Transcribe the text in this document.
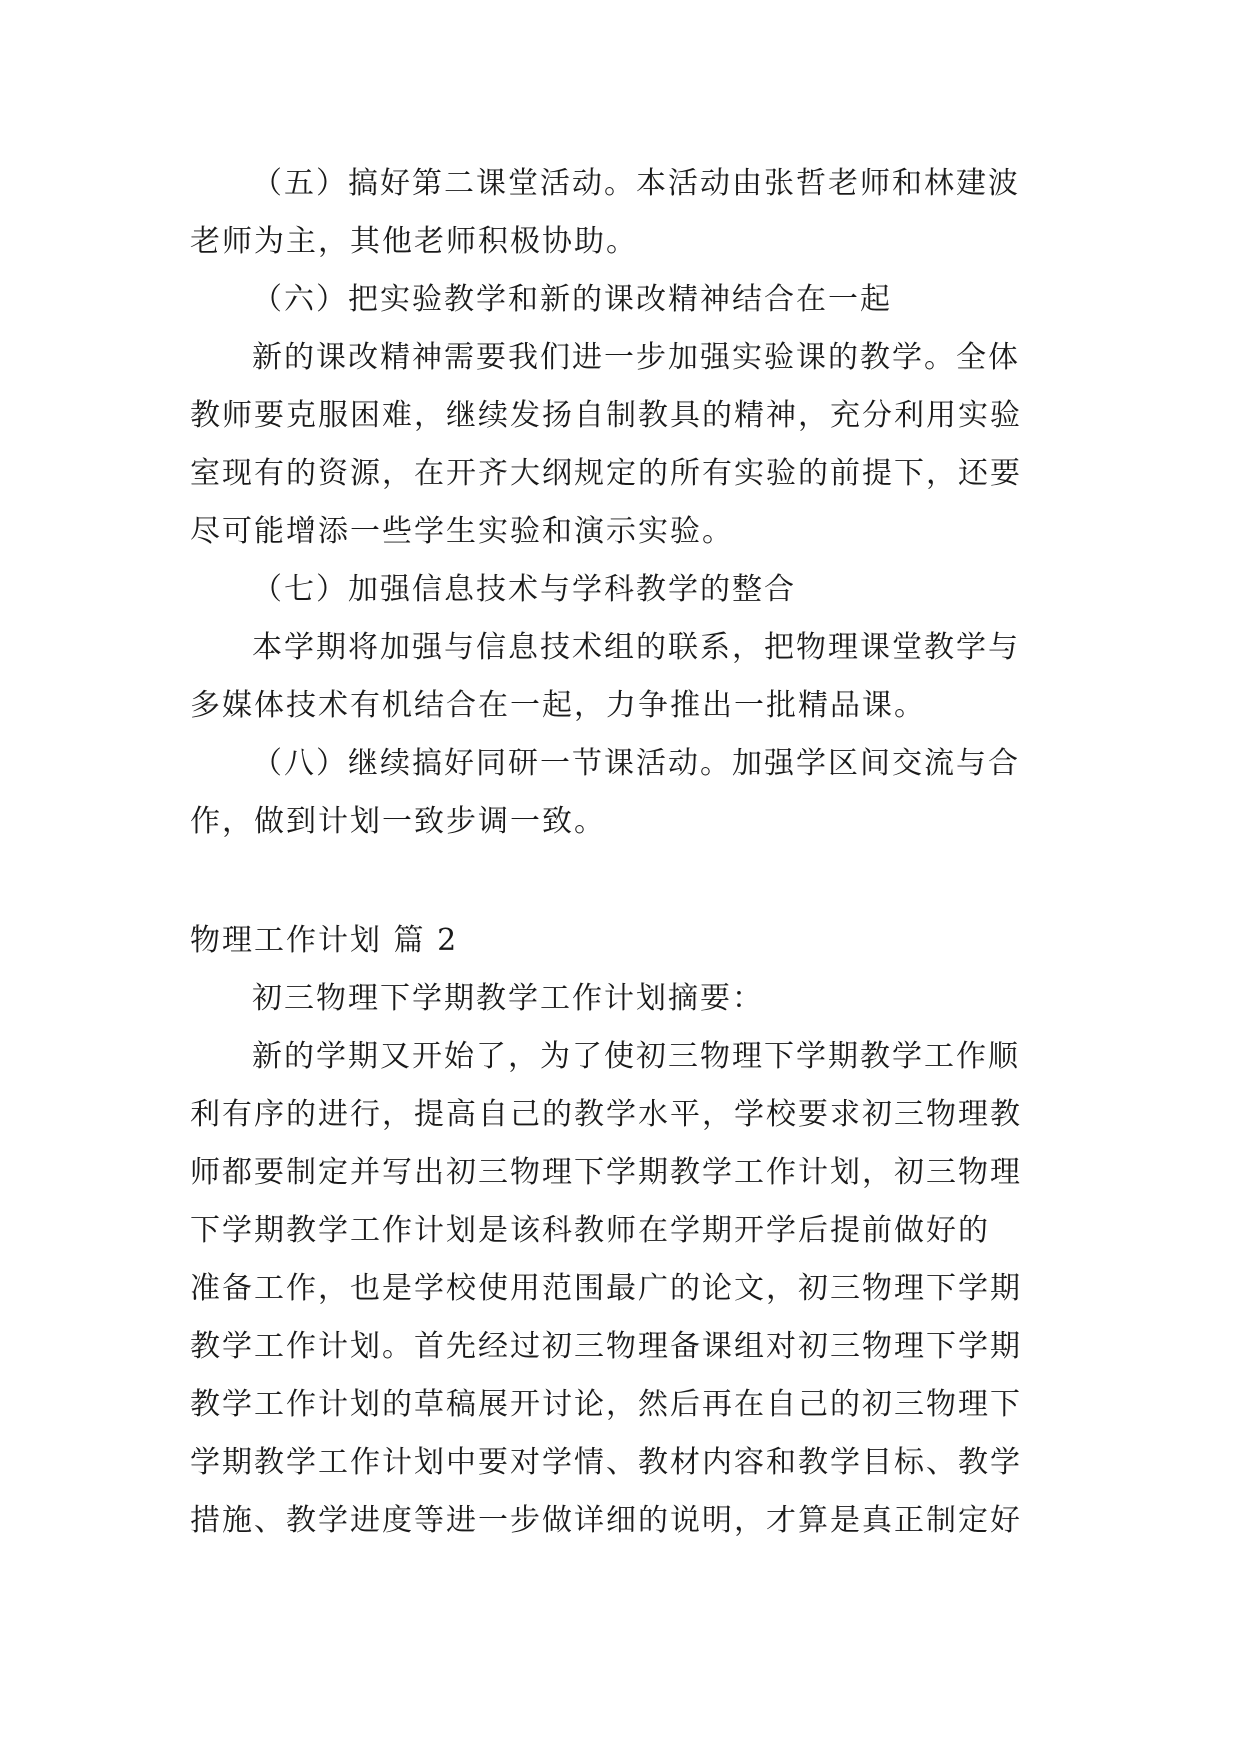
（五）搞好第二课堂活动。本活动由张哲老师和林建波
老师为主，其他老师积极协助。
（六）把实验教学和新的课改精神结合在一起
新的课改精神需要我们进一步加强实验课的教学。全体
教师要克服困难，继续发扬自制教具的精神，充分利用实验
室现有的资源，在开齐大纲规定的所有实验的前提下，还要
尽可能增添一些学生实验和演示实验。
（七）加强信息技术与学科教学的整合
本学期将加强与信息技术组的联系，把物理课堂教学与
多媒体技术有机结合在一起，力争推出一批精品课。
（八）继续搞好同研一节课活动。加强学区间交流与合
作，做到计划一致步调一致。
物理工作计划 篇 2
初三物理下学期教学工作计划摘要：
新的学期又开始了，为了使初三物理下学期教学工作顺
利有序的进行，提高自己的教学水平，学校要求初三物理教
师都要制定并写出初三物理下学期教学工作计划，初三物理
下学期教学工作计划是该科教师在学期开学后提前做好的
准备工作，也是学校使用范围最广的论文，初三物理下学期
教学工作计划。首先经过初三物理备课组对初三物理下学期
教学工作计划的草稿展开讨论，然后再在自己的初三物理下
学期教学工作计划中要对学情、教材内容和教学目标、教学
措施、教学进度等进一步做详细的说明，才算是真正制定好
